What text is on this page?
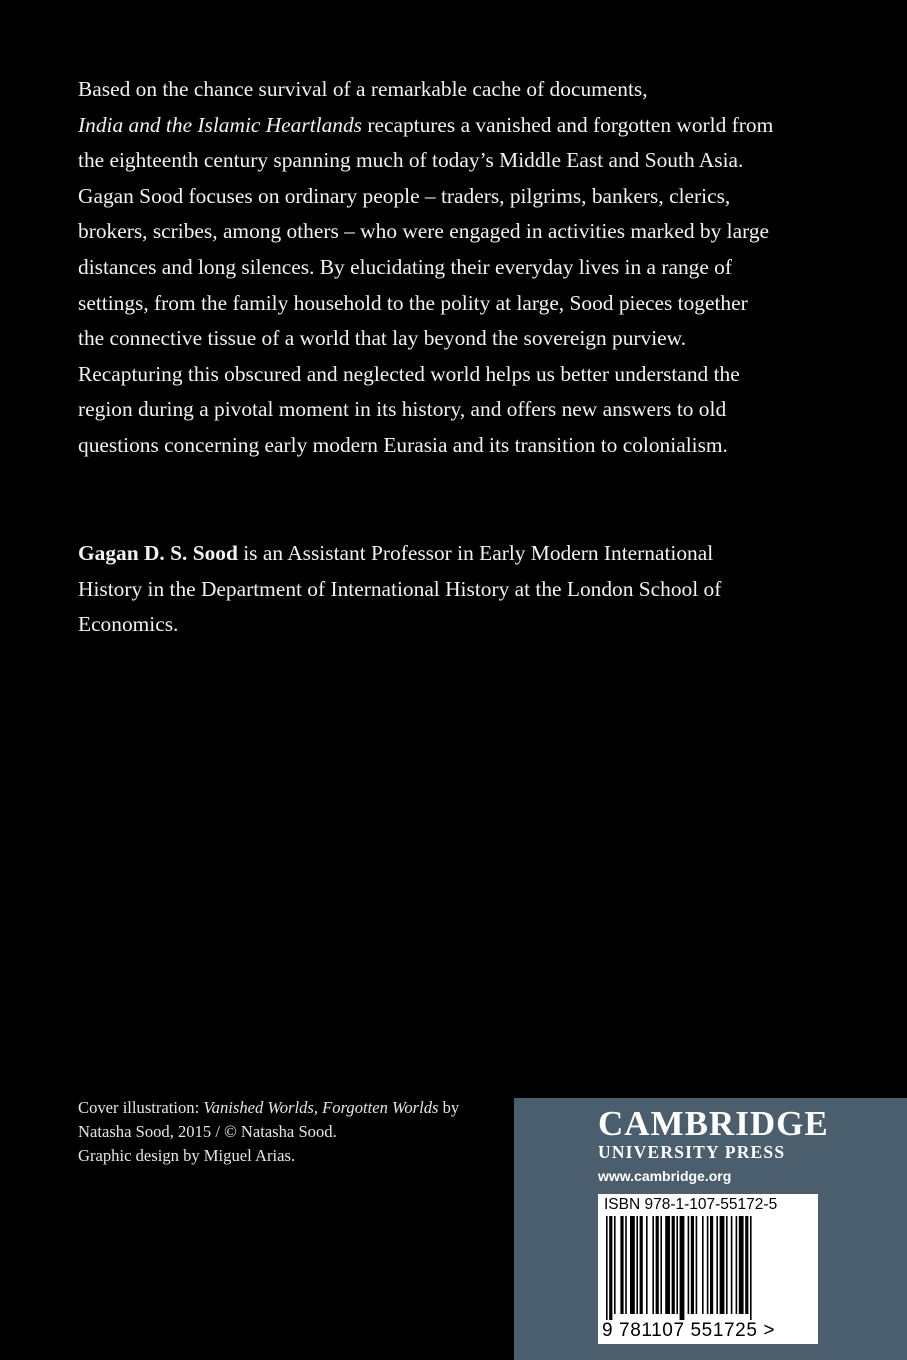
Based on the chance survival of a remarkable cache of documents,
India and the Islamic Heartlands recaptures a vanished and forgotten world from the eighteenth century spanning much of today’s Middle East and South Asia. Gagan Sood focuses on ordinary people – traders, pilgrims, bankers, clerics, brokers, scribes, among others – who were engaged in activities marked by large distances and long silences. By elucidating their everyday lives in a range of settings, from the family household to the polity at large, Sood pieces together the connective tissue of a world that lay beyond the sovereign purview. Recapturing this obscured and neglected world helps us better understand the region during a pivotal moment in its history, and offers new answers to old questions concerning early modern Eurasia and its transition to colonialism.

Gagan D. S. Sood is an Assistant Professor in Early Modern International History in the Department of International History at the London School of Economics.

Cover illustration: Vanished Worlds, Forgotten Worlds by Natasha Sood, 2015 / © Natasha Sood.
Graphic design by Miguel Arias.
CAMBRIDGE
UNIVERSITY PRESS
www.cambridge.org
ISBN 978-1-107-55172-5
9 781107 551725 >
